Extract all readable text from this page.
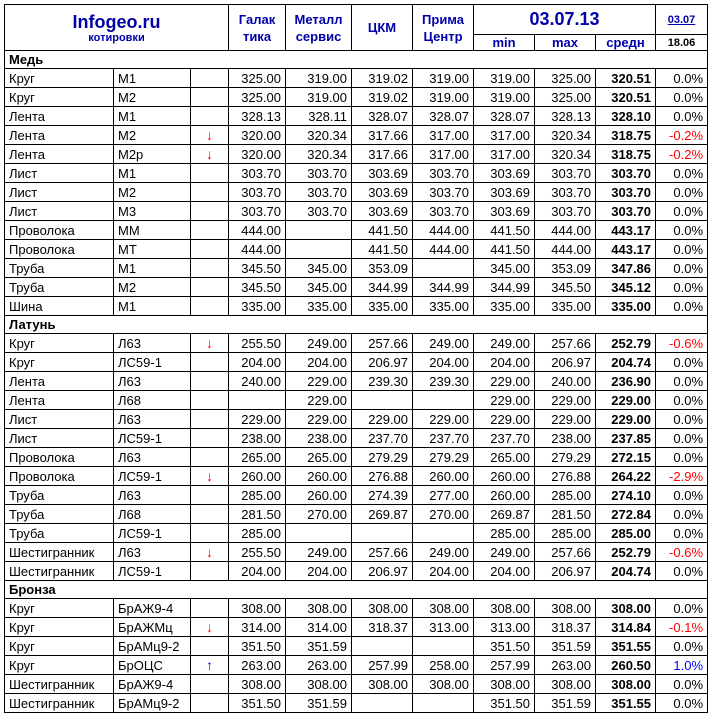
Infogeo.ru
котировки			Галак тика	Металл сервис	ЦКМ	Прима Центр	03.07.13			03.07
							min	max	средн	18.06
Медь										
Круг	М1		325.00	319.00	319.02	319.00	319.00	325.00	320.51	0.0%
Круг	М2		325.00	319.00	319.02	319.00	319.00	325.00	320.51	0.0%
Лента	М1		328.13	328.11	328.07	328.07	328.07	328.13	328.10	0.0%
Лента	М2	↓	320.00	320.34	317.66	317.00	317.00	320.34	318.75	-0.2%
Лента	М2р	↓	320.00	320.34	317.66	317.00	317.00	320.34	318.75	-0.2%
Лист	М1		303.70	303.70	303.69	303.70	303.69	303.70	303.70	0.0%
Лист	М2		303.70	303.70	303.69	303.70	303.69	303.70	303.70	0.0%
Лист	М3		303.70	303.70	303.69	303.70	303.69	303.70	303.70	0.0%
Проволока	ММ		444.00		441.50	444.00	441.50	444.00	443.17	0.0%
Проволока	МТ		444.00		441.50	444.00	441.50	444.00	443.17	0.0%
Труба	М1		345.50	345.00	353.09		345.00	353.09	347.86	0.0%
Труба	М2		345.50	345.00	344.99	344.99	344.99	345.50	345.12	0.0%
Шина	М1		335.00	335.00	335.00	335.00	335.00	335.00	335.00	0.0%
Латунь										
Круг	Л63	↓	255.50	249.00	257.66	249.00	249.00	257.66	252.79	-0.6%
Круг	ЛС59-1		204.00	204.00	206.97	204.00	204.00	206.97	204.74	0.0%
Лента	Л63		240.00	229.00	239.30	239.30	229.00	240.00	236.90	0.0%
Лента	Л68			229.00			229.00	229.00	229.00	0.0%
Лист	Л63		229.00	229.00	229.00	229.00	229.00	229.00	229.00	0.0%
Лист	ЛС59-1		238.00	238.00	237.70	237.70	237.70	238.00	237.85	0.0%
Проволока	Л63		265.00	265.00	279.29	279.29	265.00	279.29	272.15	0.0%
Проволока	ЛС59-1	↓	260.00	260.00	276.88	260.00	260.00	276.88	264.22	-2.9%
Труба	Л63		285.00	260.00	274.39	277.00	260.00	285.00	274.10	0.0%
Труба	Л68		281.50	270.00	269.87	270.00	269.87	281.50	272.84	0.0%
Труба	ЛС59-1		285.00				285.00	285.00	285.00	0.0%
Шестигранник	Л63	↓	255.50	249.00	257.66	249.00	249.00	257.66	252.79	-0.6%
Шестигранник	ЛС59-1		204.00	204.00	206.97	204.00	204.00	206.97	204.74	0.0%
Бронза										
Круг	БрАЖ9-4		308.00	308.00	308.00	308.00	308.00	308.00	308.00	0.0%
Круг	БрАЖМц	↓	314.00	314.00	318.37	313.00	313.00	318.37	314.84	-0.1%
Круг	БрАМц9-2		351.50	351.59			351.50	351.59	351.55	0.0%
Круг	БрОЦС	↑	263.00	263.00	257.99	258.00	257.99	263.00	260.50	1.0%
Шестигранник	БрАЖ9-4		308.00	308.00	308.00	308.00	308.00	308.00	308.00	0.0%
Шестигранник	БрАМц9-2		351.50	351.59			351.50	351.59	351.55	0.0%
